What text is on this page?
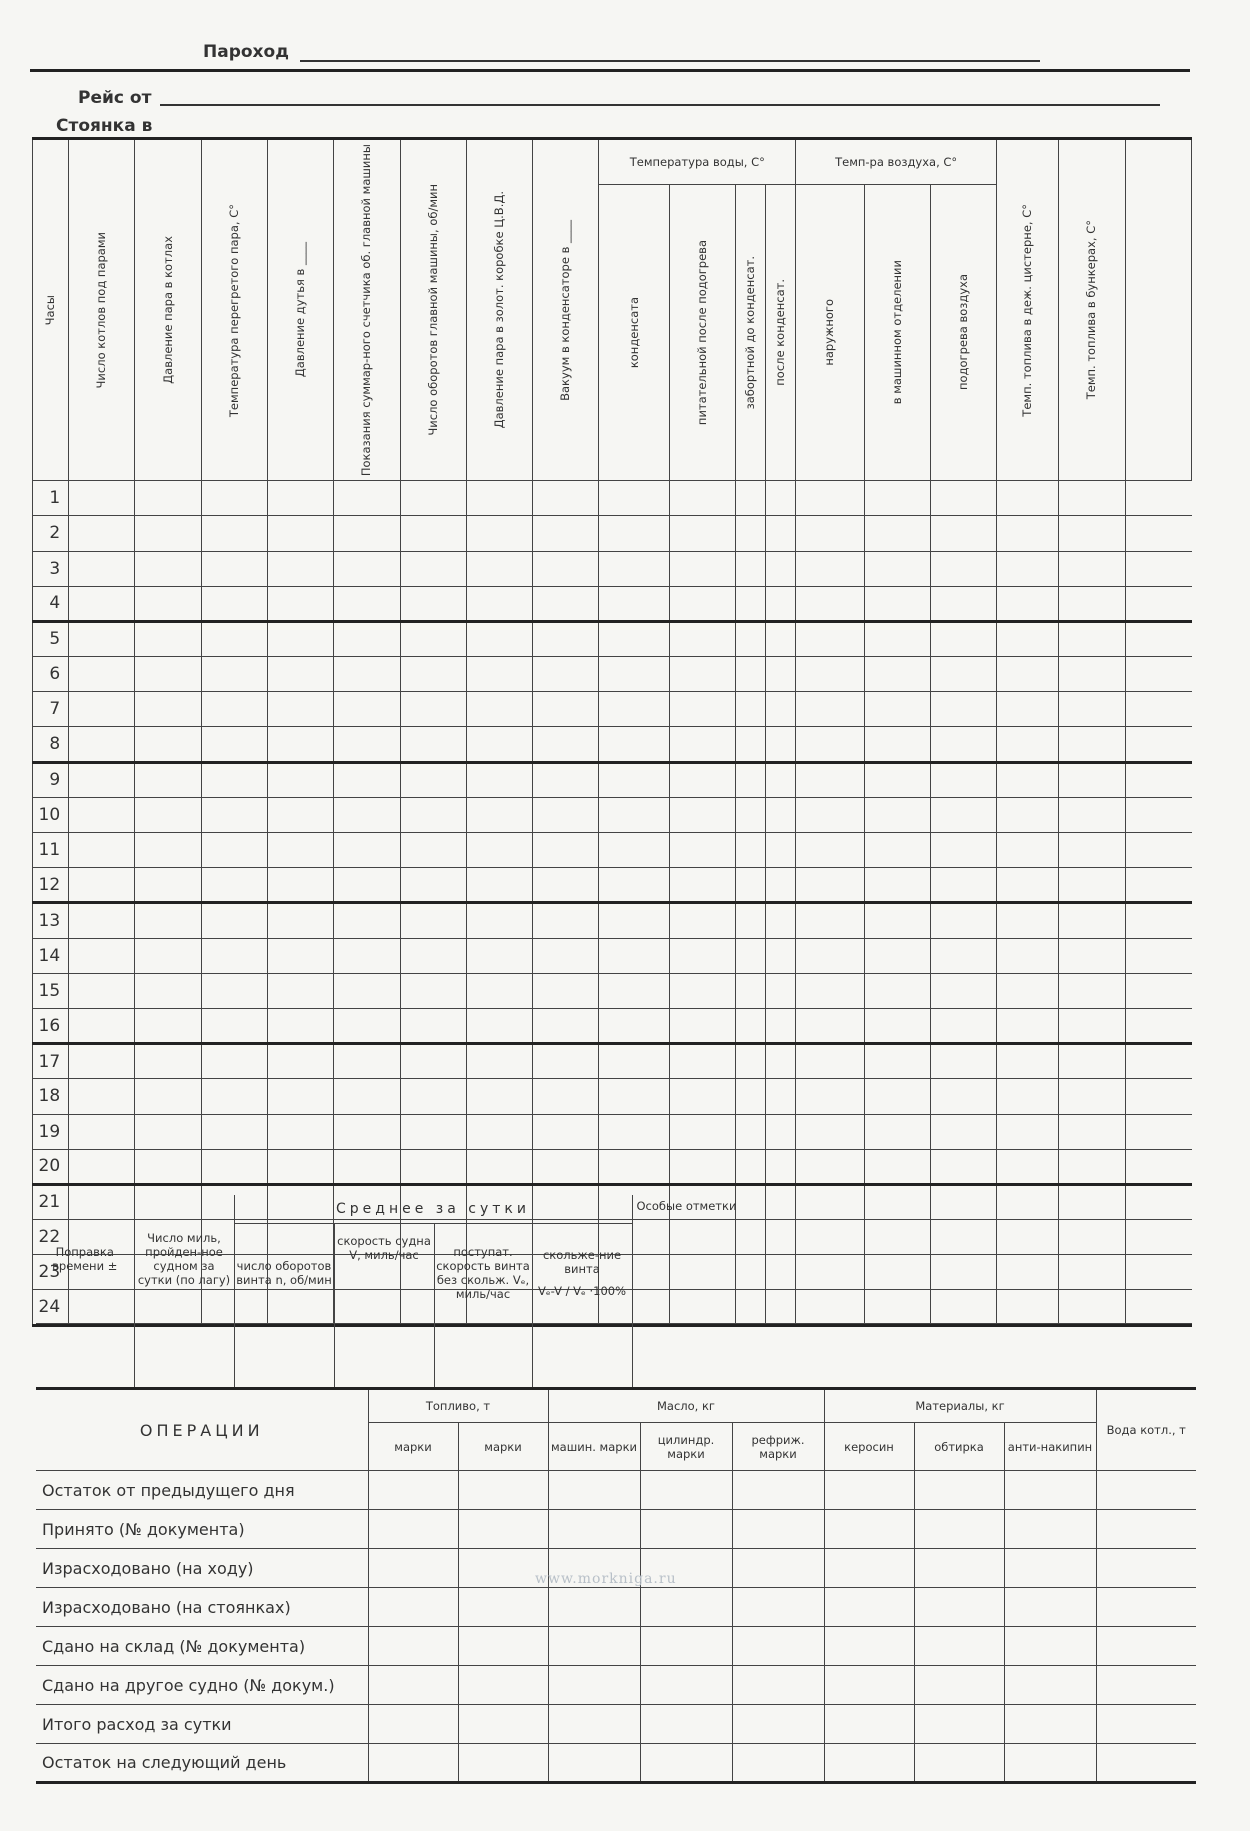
Пароход
Рейс от
Стоянка в
Часы	Число котлов под парами	Давление пара в котлах	Температура перегретого пара, С°	Давление дутья в ____	Показания суммар-ного счетчика об. главной машины	Число оборотов главной машины, об/мин	Давление пара в золот. коробке Ц.В.Д.	Вакуум в конденсаторе в ____	Температура воды, С°				Темп-ра воздуха, С°			Темп. топлива в деж. цистерне, С°	Темп. топлива в бункерах, С°	

									конденсата	питательной после подогрева	забортной до конденсат.	после конденсат.	наружного	в машинном отделении	подогрева воздуха			

1																		
2																		
3																		
4																		
5																		
6																		
7																		
8																		
9																		
10																		
11																		
12																		
13																		
14																		
15																		
16																		
17																		
18																		
19																		
20																		
21																		
22																		
23																		
24																		
Поправка времени ±	Число миль, пройден-ное судном за сутки (по лагу)	Среднее за сутки				Особые отметки
		число оборотов винта n, об/мин	скорость судна V, миль/час	поступат. скорость винта без скольж. Vₑ, миль/час	скольже-ние винта
Vₑ-V / Vₑ ·100%	

ОПЕРАЦИИ	Топливо, т		Масло, кг			Материалы, кг			Вода котл., т
	марки	марки	машин. марки	цилиндр. марки	рефриж. марки	керосин	обтирка	анти-накипин	
Остаток от предыдущего дня									
Принято (№ документа)									
Израсходовано (на ходу)									
Израсходовано (на стоянках)									
Сдано на склад (№ документа)									
Сдано на другое судно (№ докум.)									
Итого расход за сутки									
Остаток на следующий день									
www.morkniga.ru
